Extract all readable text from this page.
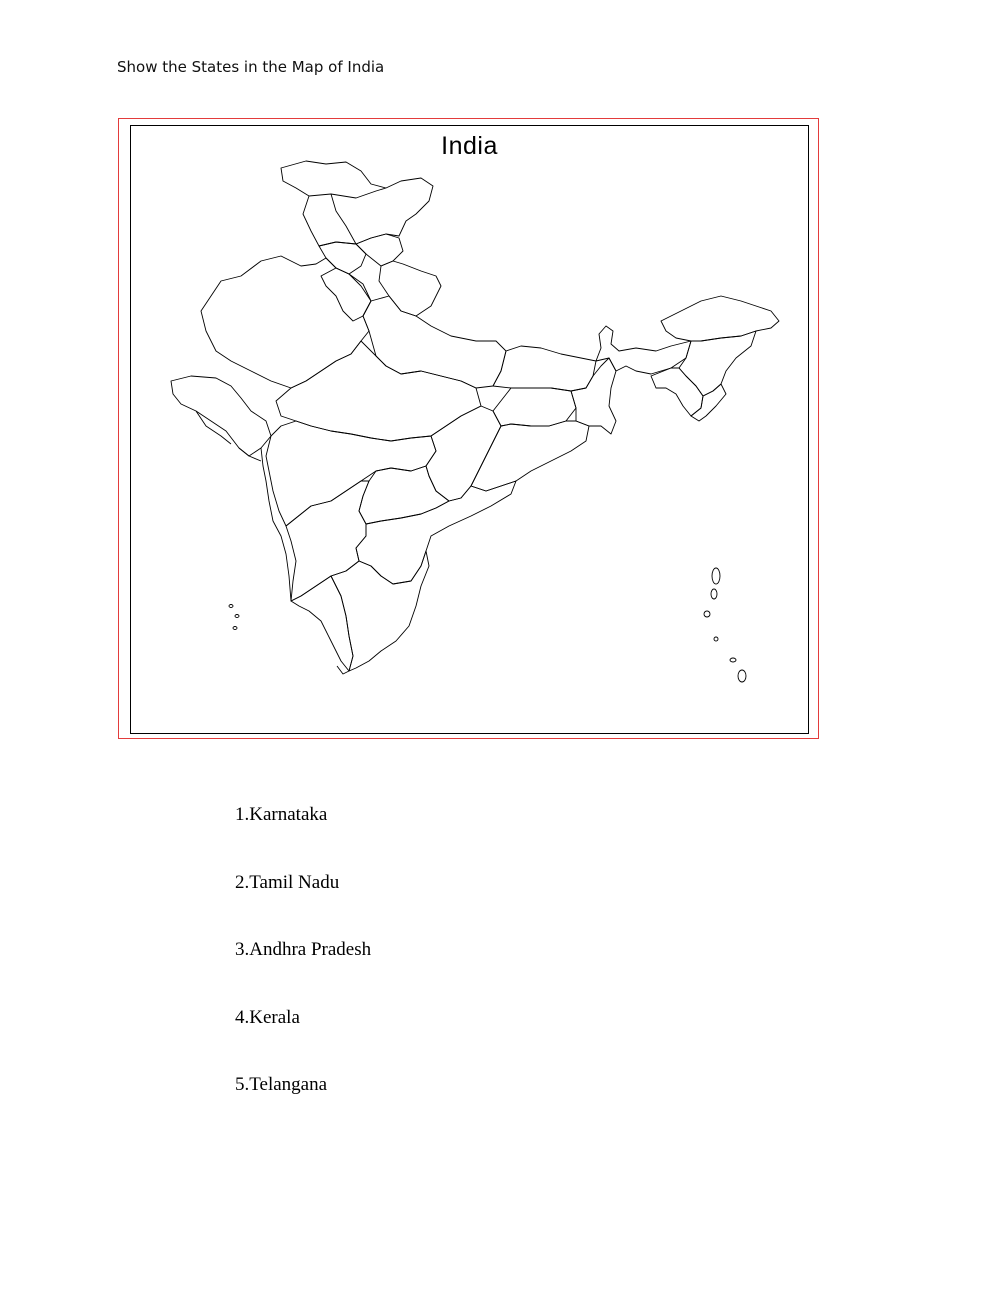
Show the States in the Map of India
India
1.Karnataka
2.Tamil Nadu
3.Andhra Pradesh
4.Kerala
5.Telangana
